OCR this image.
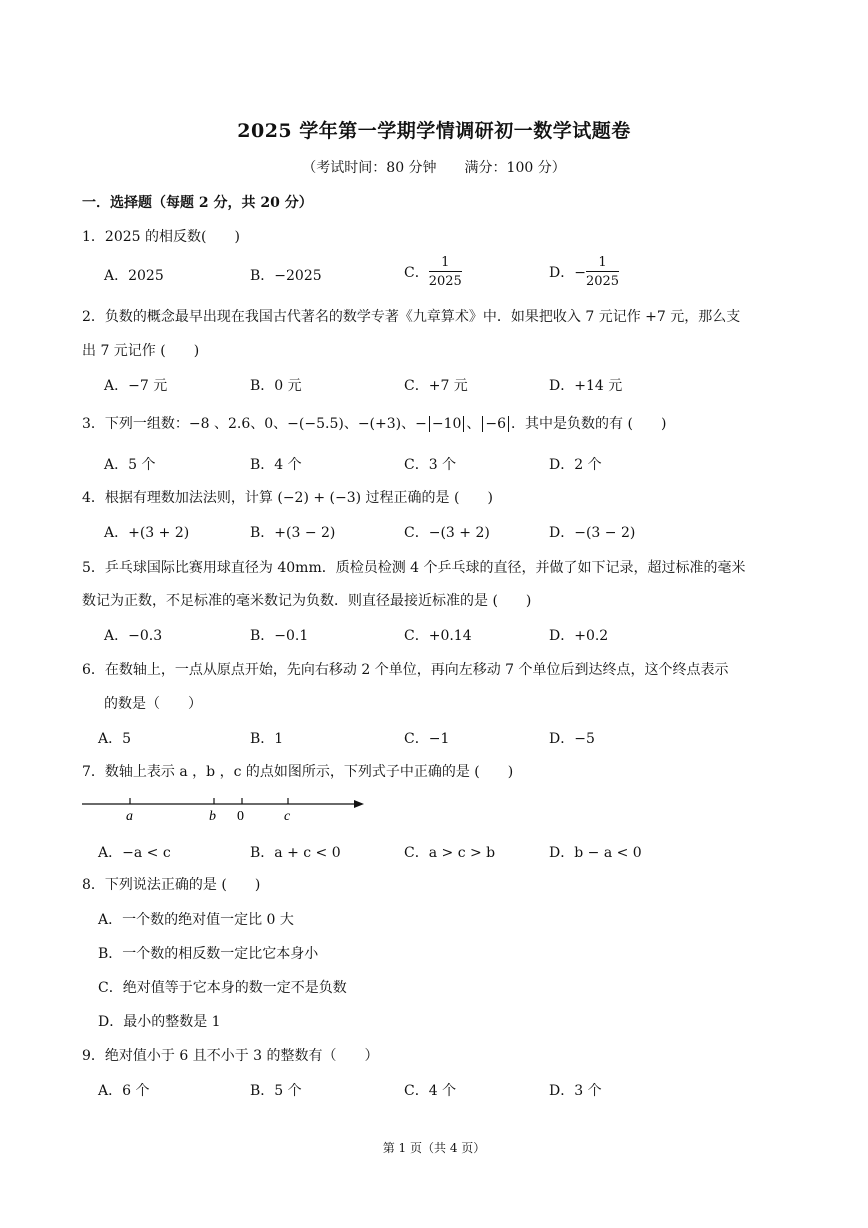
2025 学年第一学期学情调研初一数学试题卷
（考试时间：80 分钟　　满分：100 分）
一．选择题（每题 2 分，共 20 分）
1．2025 的相反数(　　)
A．2025	B．−2025	C． $\frac{1}{2025}$	D．− $\frac{1}{2025}$
2．负数的概念最早出现在我国古代著名的数学专著《九章算术》中．如果把收入 7 元记作 +7 元，那么支
出 7 元记作 (　　)
A．−7 元	B．0 元	C．+7 元	D．+14 元
3．下列一组数：−8 、2.6、0、−(−5.5)、−(+3)、− −10 、 −6 ．其中是负数的有 (　　)
A．5 个	B．4 个	C．3 个	D．2 个
4．根据有理数加法法则，计算 (−2) + (−3) 过程正确的是 (　　)
A．+(3 + 2)	B．+(3 − 2)	C．−(3 + 2)	D．−(3 − 2)
5．乒乓球国际比赛用球直径为 40mm．质检员检测 4 个乒乓球的直径，并做了如下记录，超过标准的毫米
数记为正数，不足标准的毫米数记为负数．则直径最接近标准的是 (　　)
A．−0.3	B．−0.1	C．+0.14	D．+0.2
6．在数轴上，一点从原点开始，先向右移动 2 个单位，再向左移动 7 个单位后到达终点，这个终点表示
的数是（　　）
A．5	B．1	C．−1	D．−5
7．数轴上表示 a ，b ，c 的点如图所示，下列式子中正确的是 (　　)
a	b 0	c
A．−a < c	B．a + c < 0	C．a > c > b	D．b − a < 0
8．下列说法正确的是 (　　)
A．一个数的绝对值一定比 0 大
B．一个数的相反数一定比它本身小
C．绝对值等于它本身的数一定不是负数
D．最小的整数是 1
9．绝对值小于 6 且不小于 3 的整数有（　　）
A．6 个	B．5 个	C．4 个	D．3 个
第 1 页（共 4 页）
